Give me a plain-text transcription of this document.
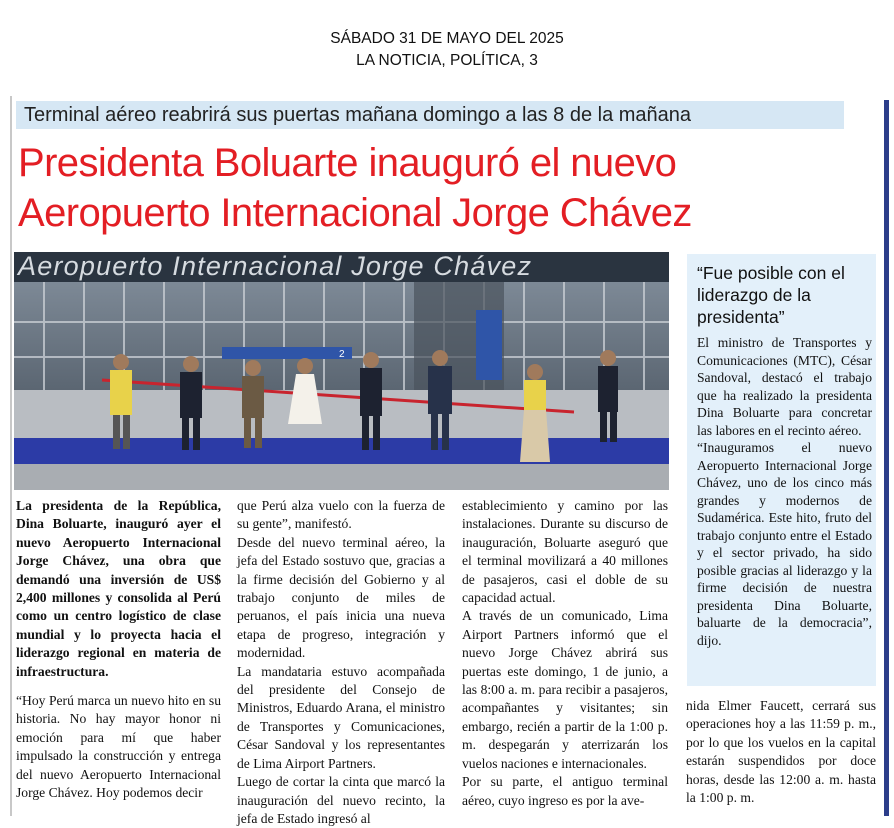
SÁBADO 31 DE MAYO DEL 2025
LA NOTICIA, POLÍTICA, 3
Terminal aéreo reabrirá sus puertas mañana domingo a las 8 de la mañana
Presidenta Boluarte inauguró el nuevo
Aeropuerto Internacional Jorge Chávez
Aeropuerto Internacional Jorge Chávez
2
“Fue posible con el liderazgo de la presidenta”

El ministro de Transportes y Comunicaciones (MTC), César Sandoval, destacó el trabajo que ha realizado la presidenta Dina Boluarte para concretar las labores en el recinto aéreo.

“Inauguramos el nuevo Aeropuerto Internacional Jorge Chávez, uno de los cinco más grandes y modernos de Sudamérica. Este hito, fruto del trabajo conjunto entre el Estado y el sector privado, ha sido posible gracias al liderazgo y la firme decisión de nuestra presidenta Dina Boluarte, baluarte de la democracia”, dijo.

La presidenta de la República, Dina Boluarte, inauguró ayer el nuevo Aeropuerto Internacional Jorge Chávez, una obra que demandó una inversión de US$ 2,400 millones y consolida al Perú como un centro logístico de clase mundial y lo proyecta hacia el liderazgo regional en materia de infraestructura.

“Hoy Perú marca un nuevo hito en su historia. No hay mayor honor ni emoción para mí que haber impulsado la construcción y entrega del nuevo Aeropuerto Internacional Jorge Chávez. Hoy podemos decir

que Perú alza vuelo con la fuerza de su gente”, manifestó.

Desde del nuevo terminal aéreo, la jefa del Estado sostuvo que, gracias a la firme decisión del Gobierno y al trabajo conjunto de miles de peruanos, el país inicia una nueva etapa de progreso, integración y modernidad.

La mandataria estuvo acompañada del presidente del Consejo de Ministros, Eduardo Arana, el ministro de Transportes y Comunicaciones, César Sandoval y los representantes de Lima Airport Partners.

Luego de cortar la cinta que marcó la inauguración del nuevo recinto, la jefa de Estado ingresó al

establecimiento y camino por las instalaciones. Durante su discurso de inauguración, Boluarte aseguró que el terminal movilizará a 40 millones de pasajeros, casi el doble de su capacidad actual.

A través de un comunicado, Lima Airport Partners informó que el nuevo Jorge Chávez abrirá sus puertas este domingo, 1 de junio, a las 8:00 a. m. para recibir a pasajeros, acompañantes y visitantes; sin embargo, recién a partir de la 1:00 p. m. despegarán y aterrizarán los vuelos naciones e internacionales.

Por su parte, el antiguo terminal aéreo, cuyo ingreso es por la ave-

nida Elmer Faucett, cerrará sus operaciones hoy a las 11:59 p. m., por lo que los vuelos en la capital estarán suspendidos por doce horas, desde las 12:00 a. m. hasta la 1:00 p. m.
